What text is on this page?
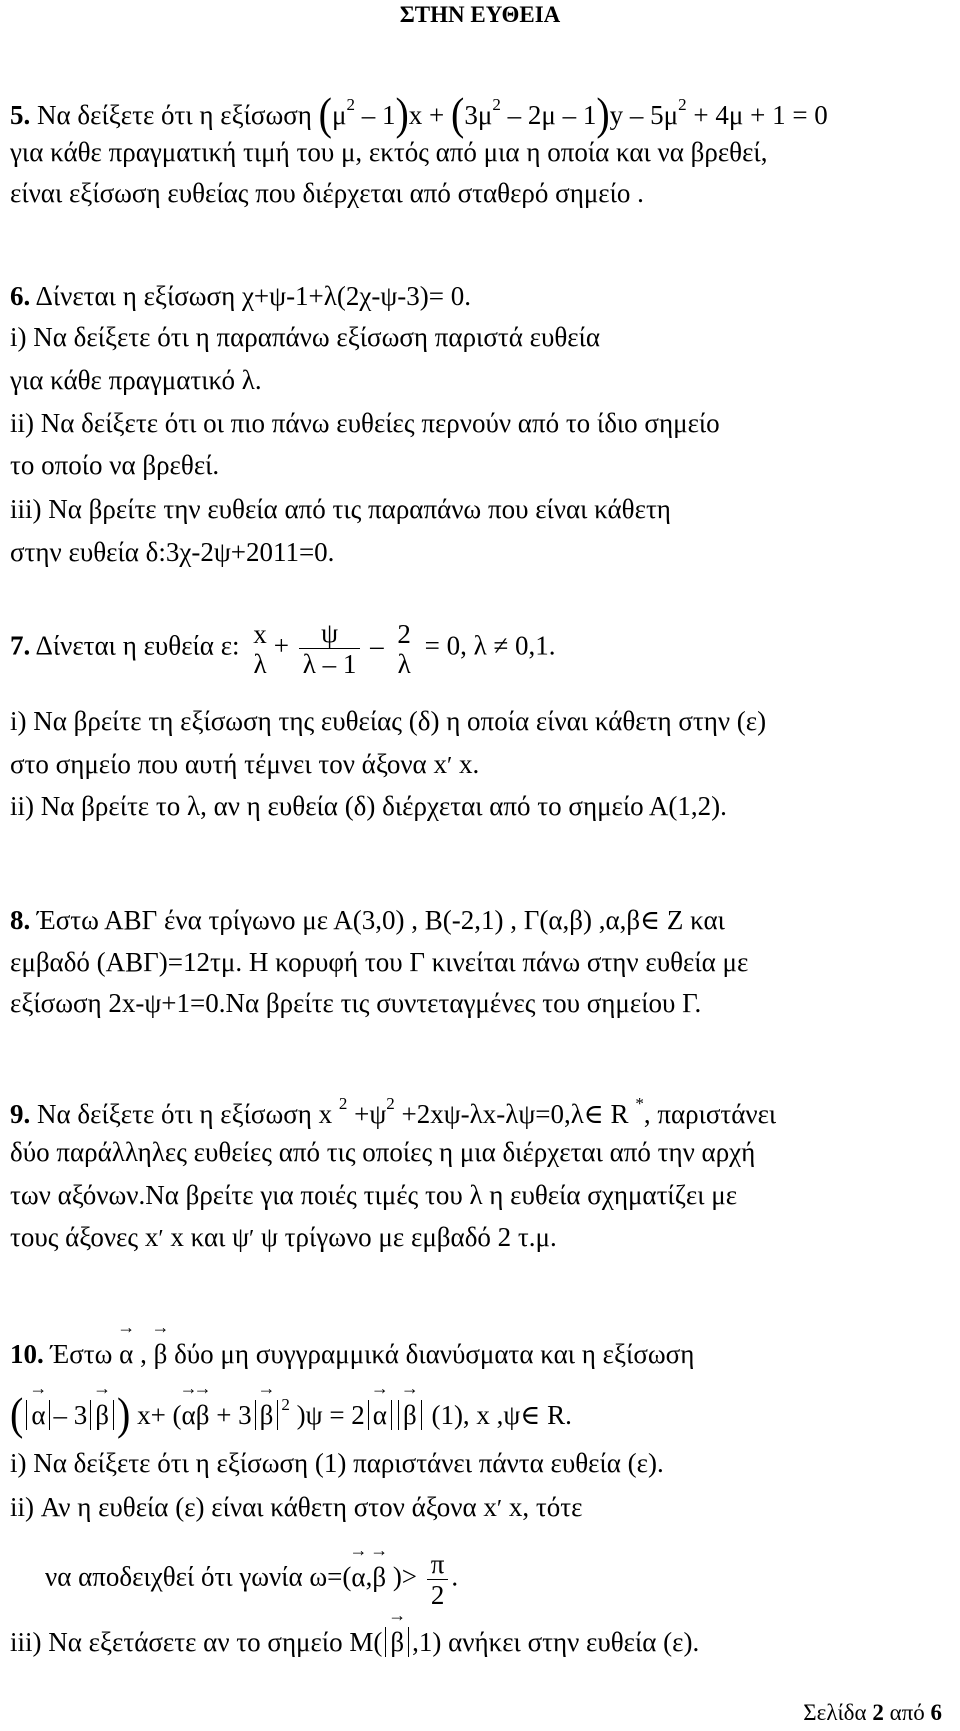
ΣΤΗΝ ΕΥΘΕΙΑ
5. Να δείξετε ότι η εξίσωση $(\mu^2 - 1)x + (3\mu^2 - 2\mu - 1)y - 5\mu^2 + 4\mu + 1 = 0$
για κάθε πραγματική τιμή του μ, εκτός από μια η οποία και να βρεθεί,
είναι εξίσωση ευθείας που διέρχεται από σταθερό σημείο .
6. Δίνεται η εξίσωση χ+ψ-1+λ(2χ-ψ-3)= 0.
i) Να δείξετε ότι η παραπάνω εξίσωση παριστά ευθεία
για κάθε πραγματικό λ.
ii) Να δείξετε ότι οι πιο πάνω ευθείες περνούν από το ίδιο σημείο
το οποίο να βρεθεί.
iii) Να βρείτε την ευθεία από τις παραπάνω που είναι κάθετη
στην ευθεία δ:3χ-2ψ+2011=0.
7. Δίνεται η ευθεία ε: x
λ
+ $\frac{\psi}{\lambda - 1} - 2$
λ
= 0, λ ≠ 0,1.
i) Να βρείτε τη εξίσωση της ευθείας (δ) η οποία είναι κάθετη στην (ε)
στο σημείο που αυτή τέμνει τον άξονα x′ x.
ii) Να βρείτε το λ, αν η ευθεία (δ) διέρχεται από το σημείο Α(1,2).
8. Έστω ΑΒΓ ένα τρίγωνο με Α(3,0) , Β(-2,1) , Γ(α,β) ,α,β∈ Ζ και
εμβαδό (ΑΒΓ)=12τμ. Η κορυφή του Γ κινείται πάνω στην ευθεία με
εξίσωση 2x-ψ+1=0.Να βρείτε τις συντεταγμένες του σημείου Γ.
9. Να δείξετε ότι η εξίσωση x $^2 +\psi^2$ +2xψ-λx-λψ=0,λ∈ R *, παριστάνει
δύο παράλληλες ευθείες από τις οποίες η μια διέρχεται από την αρχή
των αξόνων.Να βρείτε για ποιές τιμές του λ η ευθεία σχηματίζει με
τους άξονες x′ x και ψ′ ψ τρίγωνο με εμβαδό 2 τ.μ.
10. Έστω → α , → β δύο μη συγγραμμικά διανύσματα και η εξίσωση
( → α – 3 → β ) x+ (→ α→ β + 3 → β $^2$ )ψ = 2 → α → β (1), x ,ψ∈ R.
i) Να δείξετε ότι η εξίσωση (1) παριστάνει πάντα ευθεία (ε).
ii) Αν η ευθεία (ε) είναι κάθετη στον άξονα x′ x, τότε
να αποδειχθεί ότι γωνία ω=(→ α,→ β )> $\frac{\pi}{2}$ .
iii) Να εξετάσετε αν το σημείο Μ( → β ,1) ανήκει στην ευθεία (ε).
Σελίδα 2 από 6
